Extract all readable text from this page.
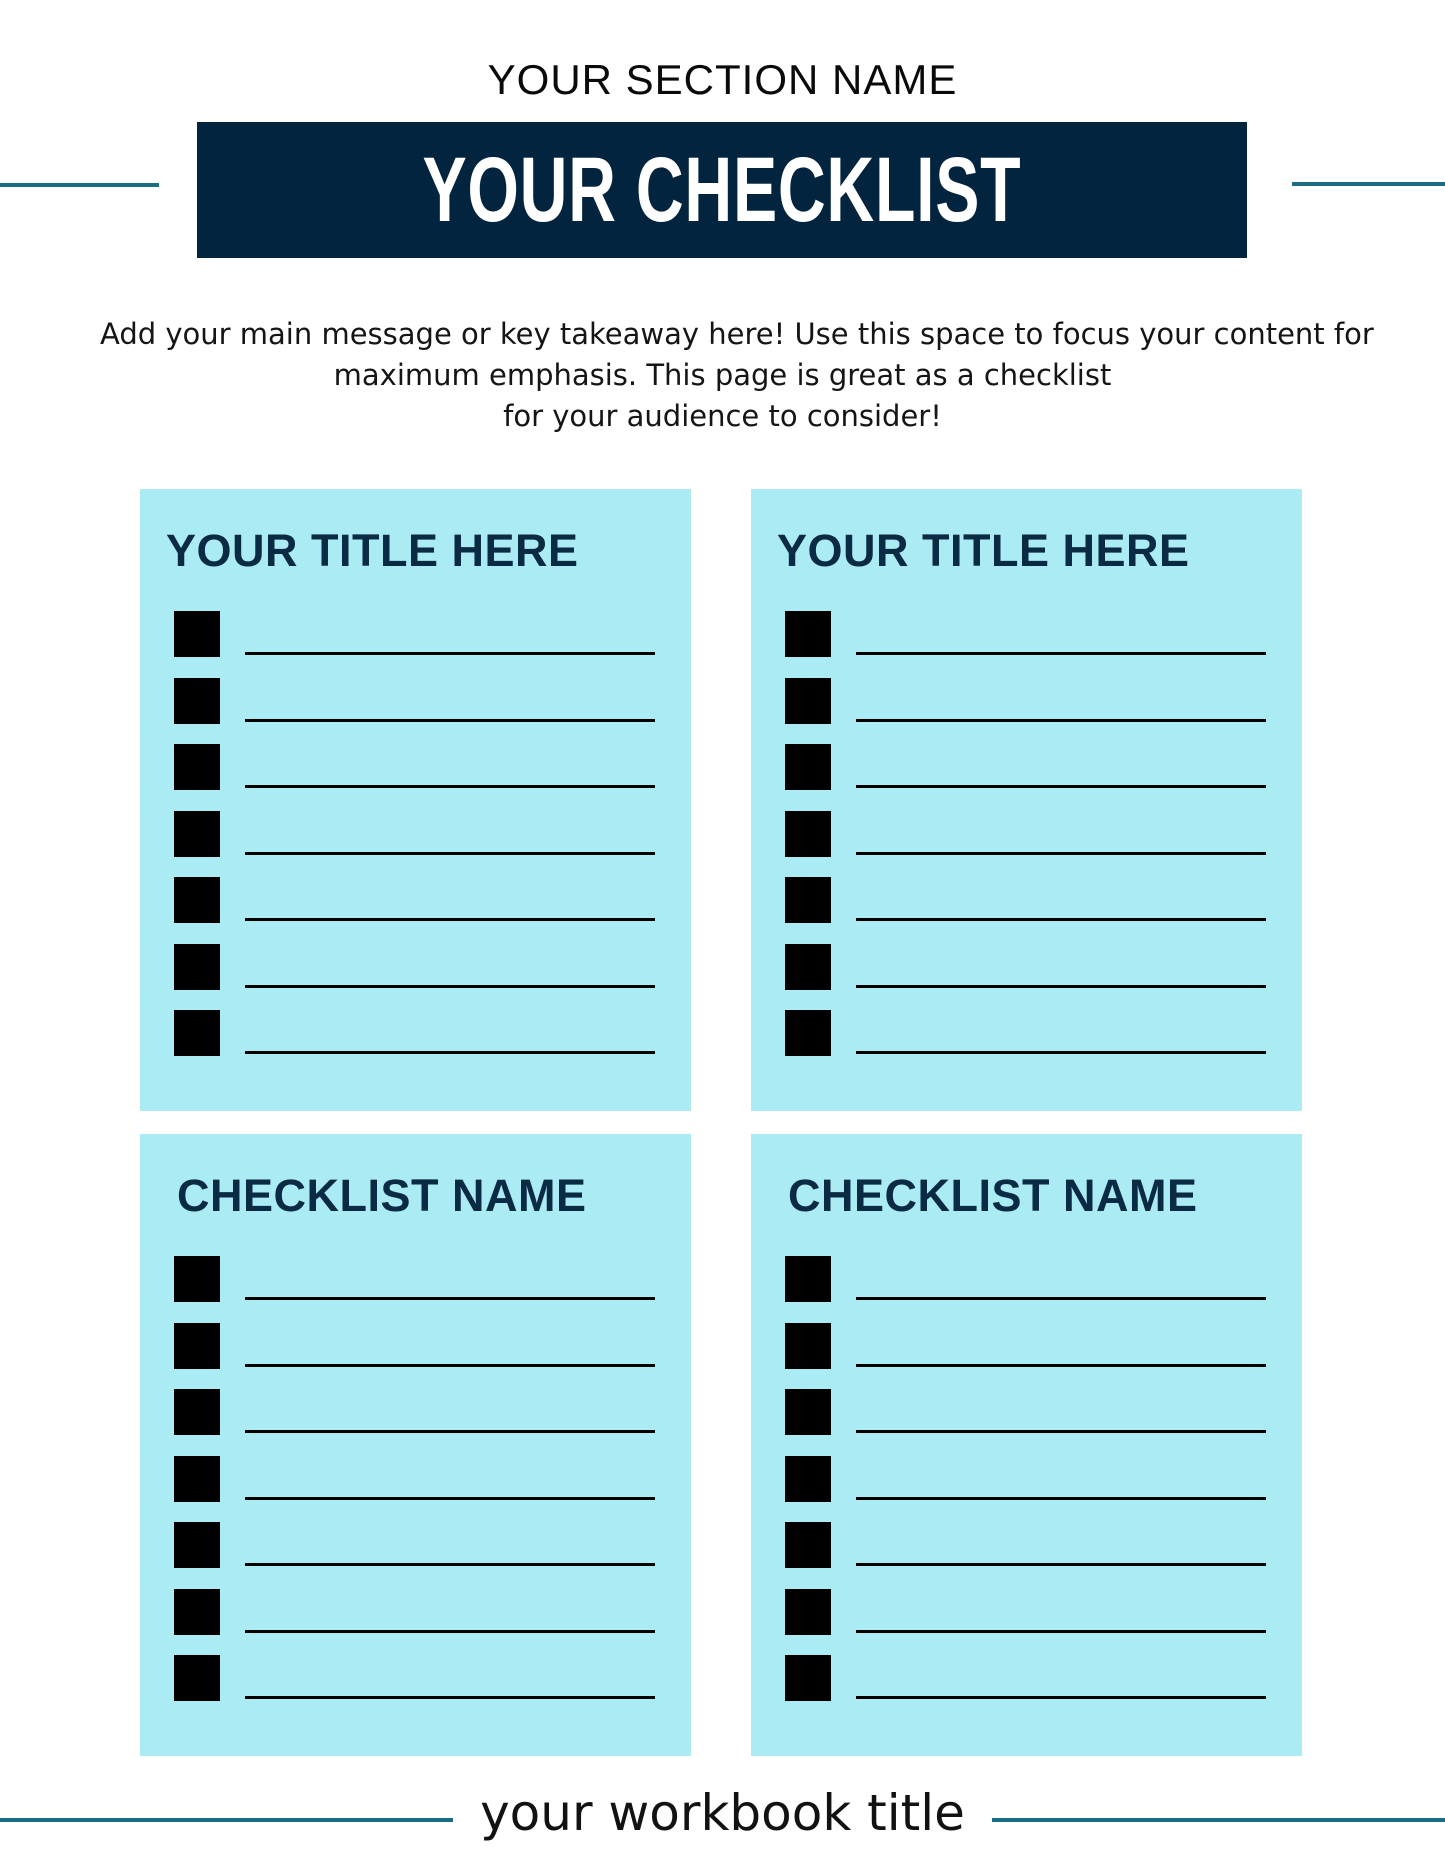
YOUR SECTION NAME
YOUR CHECKLIST
Add your main message or key takeaway here! Use this space to focus your content for
maximum emphasis. This page is great as a checklist
for your audience to consider!
YOUR TITLE HERE	YOUR TITLE HERE
CHECKLIST NAME	CHECKLIST NAME
your workbook title
